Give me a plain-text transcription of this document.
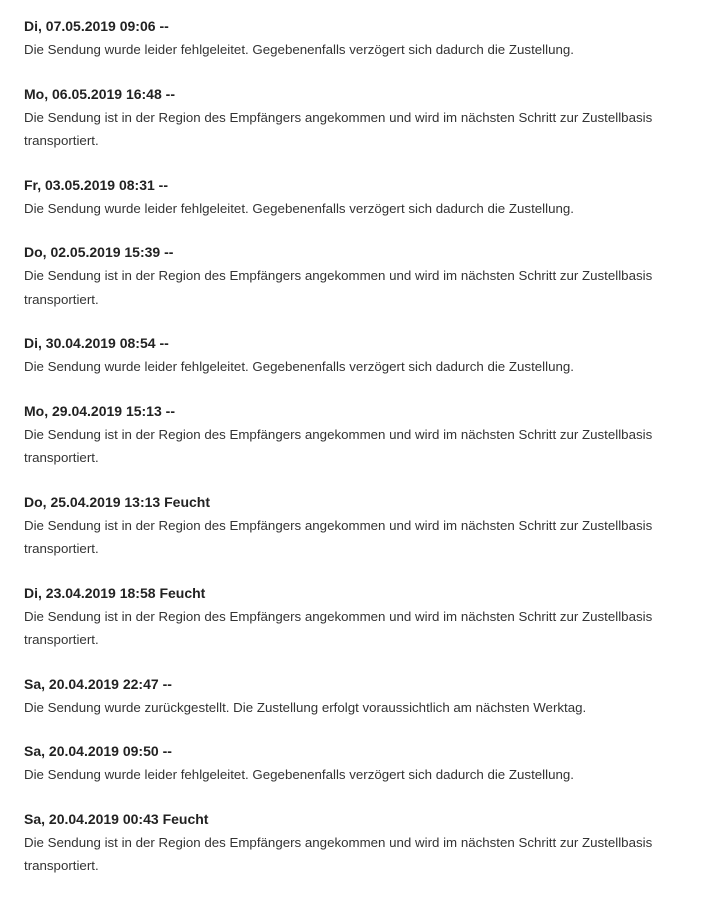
Di, 07.05.2019 09:06 --
Die Sendung wurde leider fehlgeleitet. Gegebenenfalls verzögert sich dadurch die Zustellung.
Mo, 06.05.2019 16:48 --
Die Sendung ist in der Region des Empfängers angekommen und wird im nächsten Schritt zur Zustellbasis transportiert.
Fr, 03.05.2019 08:31 --
Die Sendung wurde leider fehlgeleitet. Gegebenenfalls verzögert sich dadurch die Zustellung.
Do, 02.05.2019 15:39 --
Die Sendung ist in der Region des Empfängers angekommen und wird im nächsten Schritt zur Zustellbasis transportiert.
Di, 30.04.2019 08:54 --
Die Sendung wurde leider fehlgeleitet. Gegebenenfalls verzögert sich dadurch die Zustellung.
Mo, 29.04.2019 15:13 --
Die Sendung ist in der Region des Empfängers angekommen und wird im nächsten Schritt zur Zustellbasis transportiert.
Do, 25.04.2019 13:13 Feucht
Die Sendung ist in der Region des Empfängers angekommen und wird im nächsten Schritt zur Zustellbasis transportiert.
Di, 23.04.2019 18:58 Feucht
Die Sendung ist in der Region des Empfängers angekommen und wird im nächsten Schritt zur Zustellbasis transportiert.
Sa, 20.04.2019 22:47 --
Die Sendung wurde zurückgestellt. Die Zustellung erfolgt voraussichtlich am nächsten Werktag.
Sa, 20.04.2019 09:50 --
Die Sendung wurde leider fehlgeleitet. Gegebenenfalls verzögert sich dadurch die Zustellung.
Sa, 20.04.2019 00:43 Feucht
Die Sendung ist in der Region des Empfängers angekommen und wird im nächsten Schritt zur Zustellbasis transportiert.
